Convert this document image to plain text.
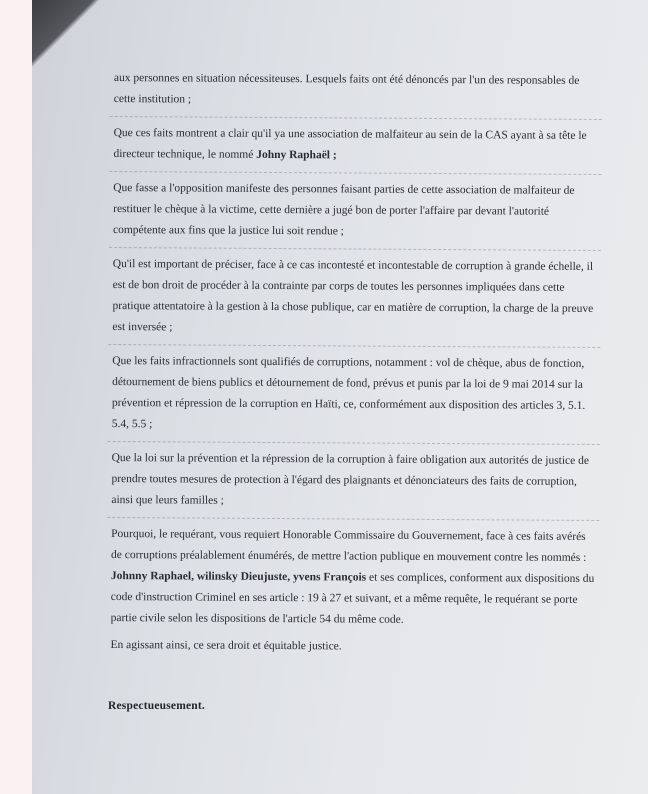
aux personnes en situation nécessiteuses. Lesquels faits ont été dénoncés par l'un des responsables de cette institution ;

Que ces faits montrent a clair qu'il ya une association de malfaiteur au sein de la CAS ayant à sa tête le directeur technique, le nommé Johny Raphaël ;

Que fasse a l'opposition manifeste des personnes faisant parties de cette association de malfaiteur de restituer le chèque à la victime, cette dernière a jugé bon de porter l'affaire par devant l'autorité compétente aux fins que la justice lui soit rendue ;

Qu'il est important de préciser, face à ce cas incontesté et incontestable de corruption à grande échelle, il est de bon droit de procéder à la contrainte par corps de toutes les personnes impliquées dans cette pratique attentatoire à la gestion à la chose publique, car en matière de corruption, la charge de la preuve est inversée ;

Que les faits infractionnels sont qualifiés de corruptions, notamment : vol de chèque, abus de fonction, détournement de biens publics et détournement de fond, prévus et punis par la loi de 9 mai 2014 sur la prévention et répression de la corruption en Haïti, ce, conformément aux disposition des articles 3, 5.1. 5.4, 5.5 ;

Que la loi sur la prévention et la répression de la corruption à faire obligation aux autorités de justice de prendre toutes mesures de protection à l'égard des plaignants et dénonciateurs des faits de corruption, ainsi que leurs familles ;

Pourquoi, le requérant, vous requiert Honorable Commissaire du Gouvernement, face à ces faits avérés de corruptions préalablement énumérés, de mettre l'action publique en mouvement contre les nommés : Johnny Raphael, wilinsky Dieujuste, yvens François et ses complices, conforment aux dispositions du code d'instruction Criminel en ses article : 19 à 27 et suivant, et a même requête, le requérant se porte partie civile selon les dispositions de l'article 54 du même code.

En agissant ainsi, ce sera droit et équitable justice.

Respectueusement.
